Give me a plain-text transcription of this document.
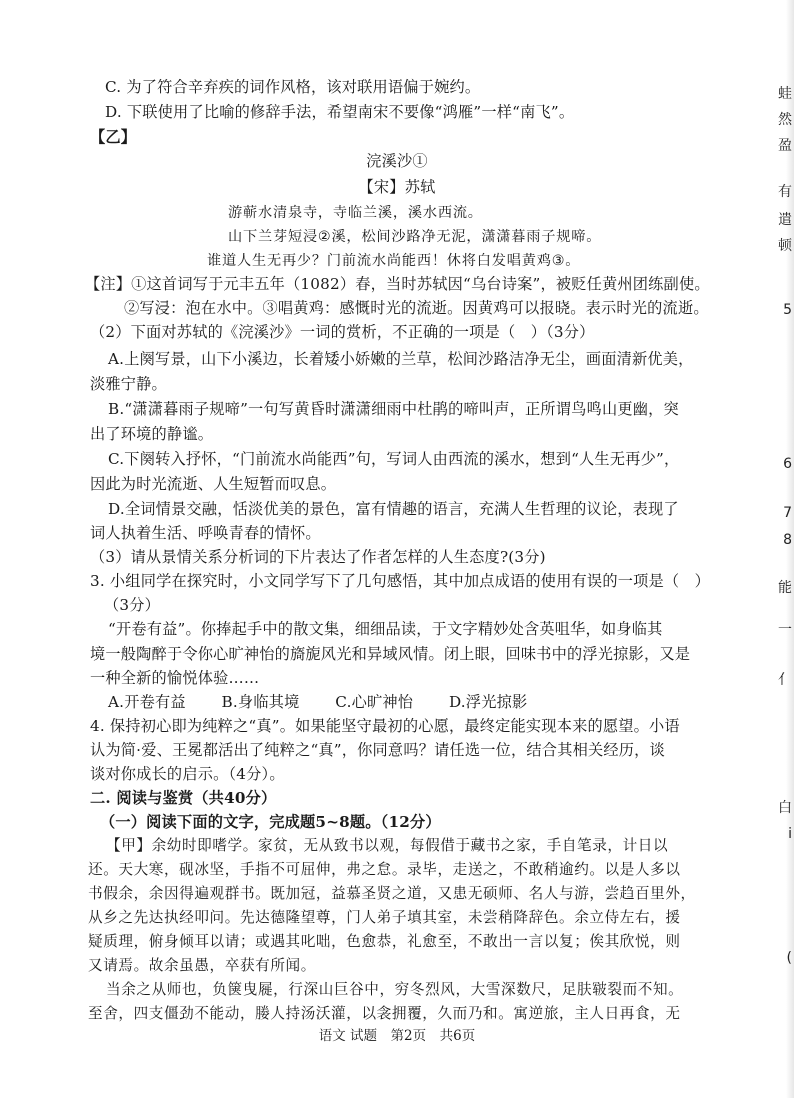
C. 为了符合辛弃疾的词作风格，该对联用语偏于婉约。
D. 下联使用了比喻的修辞手法，希望南宋不要像“鸿雁”一样“南飞”。
【乙】
浣溪沙①
【宋】苏轼
游蕲水清泉寺，寺临兰溪，溪水西流。
山下兰芽短浸②溪，松间沙路净无泥，潇潇暮雨子规啼。
谁道人生无再少？门前流水尚能西！休将白发唱黄鸡③。
【注】①这首词写于元丰五年（1082）春，当时苏轼因“乌台诗案”，被贬任黄州团练副使。
②写浸：泡在水中。③唱黄鸡：感慨时光的流逝。因黄鸡可以报晓。表示时光的流逝。
（2）下面对苏轼的《浣溪沙》一词的赏析，不正确的一项是（　）（3分）
A.上阕写景，山下小溪边，长着矮小娇嫩的兰草，松间沙路洁净无尘，画面清新优美，
淡雅宁静。
B.“潇潇暮雨子规啼”一句写黄昏时潇潇细雨中杜鹃的啼叫声，正所谓鸟鸣山更幽，突
出了环境的静谧。
C.下阕转入抒怀，“门前流水尚能西”句，写词人由西流的溪水，想到“人生无再少”，
因此为时光流逝、人生短暂而叹息。
D.全词情景交融，恬淡优美的景色，富有情趣的语言，充满人生哲理的议论，表现了
词人执着生活、呼唤青春的情怀。
（3）请从景情关系分析词的下片表达了作者怎样的人生态度?(3分)
3. 小组同学在探究时，小文同学写下了几句感悟，其中加点成语的使用有误的一项是（　）
（3分）
“开卷有益”。你捧起手中的散文集，细细品读，于文字精妙处含英咀华，如身临其
境一般陶醉于令你心旷神怡的旖旎风光和异域风情。闭上眼，回味书中的浮光掠影，又是
一种全新的愉悦体验……
A.开卷有益　　 B.身临其境　　 C.心旷神怡　　 D.浮光掠影
4. 保持初心即为纯粹之“真”。如果能坚守最初的心愿，最终定能实现本来的愿望。小语
认为简·爱、王冕都活出了纯粹之“真”，你同意吗？请任选一位，结合其相关经历，谈
谈对你成长的启示。（4分）。
二. 阅读与鉴赏（共40分）
（一）阅读下面的文字，完成题5~8题。（12分）
【甲】余幼时即嗜学。家贫，无从致书以观，每假借于藏书之家，手自笔录，计日以
还。天大寒，砚冰坚，手指不可屈伸，弗之怠。录毕，走送之，不敢稍逾约。以是人多以
书假余，余因得遍观群书。既加冠，益慕圣贤之道，又患无硕师、名人与游，尝趋百里外，
从乡之先达执经叩问。先达德隆望尊，门人弟子填其室，未尝稍降辞色。余立侍左右，援
疑质理，俯身倾耳以请；或遇其叱咄，色愈恭，礼愈至，不敢出一言以复；俟其欣悦，则
又请焉。故余虽愚，卒获有所闻。
当余之从师也，负箧曳屣，行深山巨谷中，穷冬烈风，大雪深数尺，足肤皲裂而不知。
至舍，四支僵劲不能动，媵人持汤沃灌，以衾拥覆，久而乃和。寓逆旅，主人日再食，无
语文 试题　第2页　共6页
蛙
然
盈
有
遣
顿
5
6
7
8
能
一
亻
白
i
(
